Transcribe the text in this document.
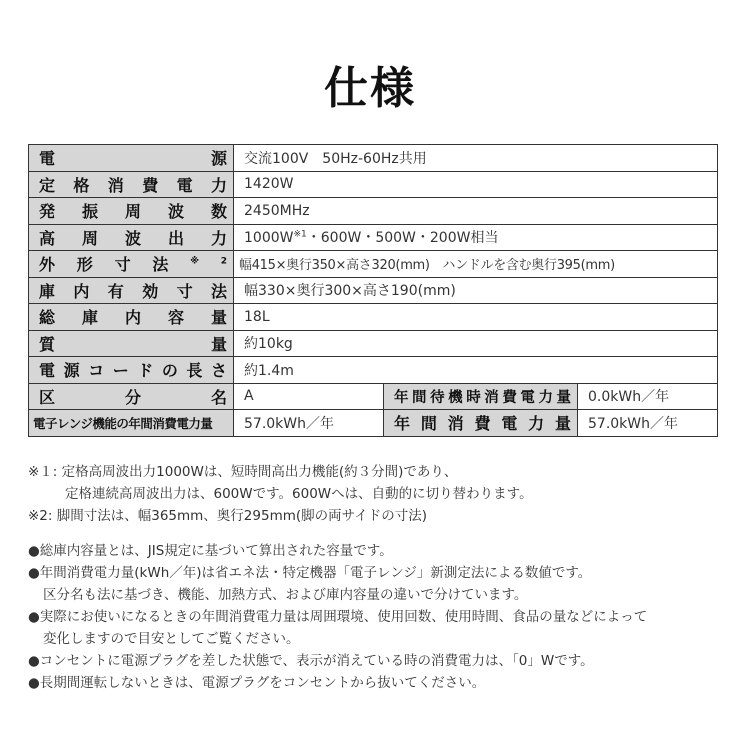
仕様
電源	交流100V　50Hz-60Hz共用		
定格消費電力	1420W		
発振周波数	2450MHz		
高周波出力	1000W$^{※1}$・600W・500W・200W相当		
外形寸法$^{※2}$	幅415×奥行350×高さ320(mm)　ハンドルを含む奥行395(mm)		
庫内有効寸法	幅330×奥行300×高さ190(mm)		
総庫内容量	18L		
質量	約10kg		
電源コードの長さ	約1.4m		
区分名	A	年間待機時消費電力量	0.0kWh／年
電子レンジ機能の年間消費電力量	57.0kWh／年	年間消費電力量	57.0kWh／年
※１: 定格高周波出力1000Wは、短時間高出力機能(約３分間)であり、
定格連続高周波出力は、600Wです。600Wへは、自動的に切り替わります。
※2: 脚間寸法は、幅365mm、奥行295mm(脚の両サイドの寸法)
●総庫内容量とは、JIS規定に基づいて算出された容量です。
●年間消費電力量(kWh／年)は省エネ法・特定機器「電子レンジ」新測定法による数値です。
区分名も法に基づき、機能、加熱方式、および庫内容量の違いで分けています。
●実際にお使いになるときの年間消費電力量は周囲環境、使用回数、使用時間、食品の量などによって
変化しますので目安としてご覧ください。
●コンセントに電源プラグを差した状態で、表示が消えている時の消費電力は、「0」Wです。
●長期間運転しないときは、電源プラグをコンセントから抜いてください。
